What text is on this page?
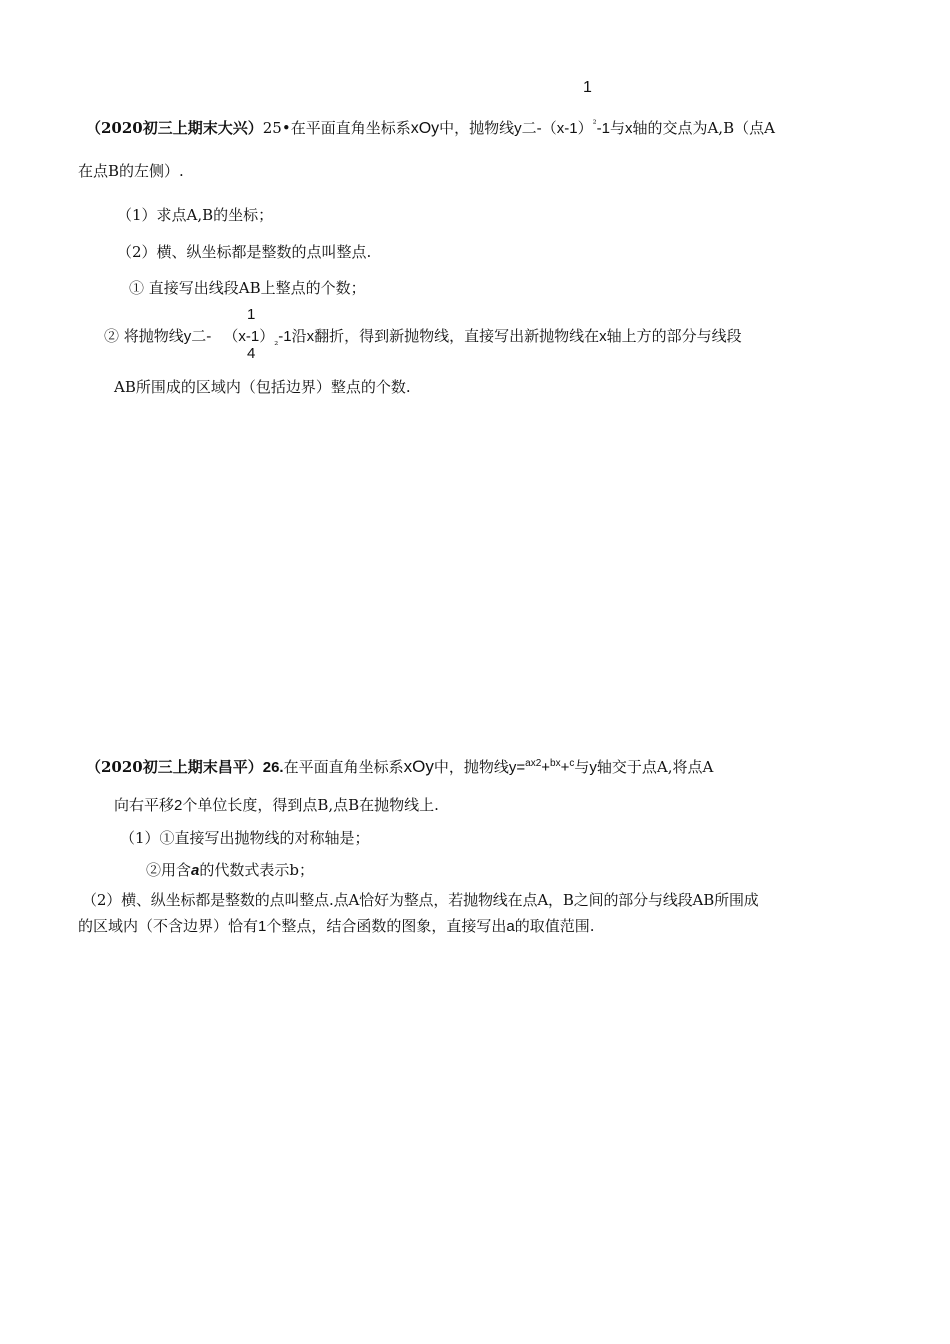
1
（2020初三上期末大兴）25•在平面直角坐标系xOy中，抛物线y二$-(x-1)^{^2}-1$与x轴的交点为A,B（点A
在点B的左侧）.
（1）求点A,B的坐标；
（2）横、纵坐标都是整数的点叫整点.
① 直接写出线段AB上整点的个数；
1
4
② 将抛物线y二- $(x-1)_{_2}-1$沿x翻折，得到新抛物线，直接写出新抛物线在x轴上方的部分与线段
AB所围成的区域内（包括边界）整点的个数.
（2020初三上期末昌平）26.在平面直角坐标系xOy中，抛物线y=$^{ax2}$+$^{bx}$+$^c$与y轴交于点A,将点A
向右平移2个单位长度，得到点B,点B在抛物线上.
（1）①直接写出抛物线的对称轴是；
②用含a的代数式表示b；
（2）横、纵坐标都是整数的点叫整点.点A恰好为整点，若抛物线在点A，B之间的部分与线段AB所围成
的区域内（不含边界）恰有1个整点，结合函数的图象，直接写出a的取值范围.
